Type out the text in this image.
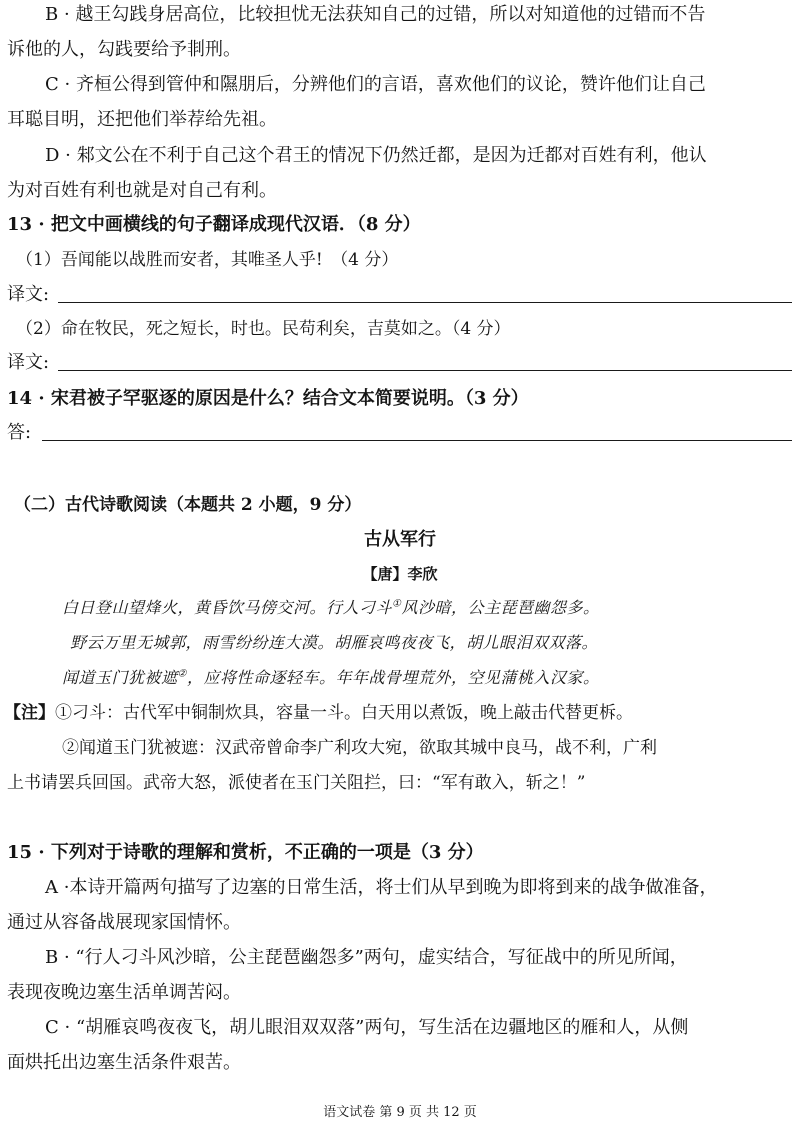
B · 越王勾践身居高位，比较担忧无法获知自己的过错，所以对知道他的过错而不告
诉他的人，勾践要给予剕刑。
C · 齐桓公得到管仲和隰朋后，分辨他们的言语，喜欢他们的议论，赞许他们让自己
耳聪目明，还把他们举荐给先祖。
D · 邾文公在不利于自己这个君王的情况下仍然迁都，是因为迁都对百姓有利，他认
为对百姓有利也就是对自己有利。
13 · 把文中画横线的句子翻译成现代汉语．（8 分）
（1）吾闻能以战胜而安者，其唯圣人乎!　（4 分）
译文:
（2）命在牧民，死之短长，时也。民苟利矣，吉莫如之。（4 分）
译文:
14 · 宋君被子罕驱逐的原因是什么？结合文本简要说明。（3 分）
答:
（二）古代诗歌阅读（本题共 2 小题，9 分）
古从军行
【唐】李欣
白日登山望烽火，黄昏饮马傍交河。行人刁斗①风沙暗，公主琵琶幽怨多。
野云万里无城郭，雨雪纷纷连大漠。胡雁哀鸣夜夜飞，胡儿眼泪双双落。
闻道玉门犹被遮②，应将性命逐轻车。年年战骨埋荒外，空见蒲桃入汉家。
【注】①刁斗：古代军中铜制炊具，容量一斗。白天用以煮饭，晚上敲击代替更柝。
②闻道玉门犹被遮：汉武帝曾命李广利攻大宛，欲取其城中良马，战不利，广利
上书请罢兵回国。武帝大怒，派使者在玉门关阻拦，曰：“军有敢入，斩之！”
15 · 下列对于诗歌的理解和赏析，不正确的一项是（3 分）
A ·本诗开篇两句描写了边塞的日常生活，将士们从早到晚为即将到来的战争做准备，
通过从容备战展现家国情怀。
B · “行人刁斗风沙暗，公主琵琶幽怨多”两句，虚实结合，写征战中的所见所闻，
表现夜晚边塞生活单调苦闷。
C · “胡雁哀鸣夜夜飞，胡儿眼泪双双落”两句，写生活在边疆地区的雁和人，从侧
面烘托出边塞生活条件艰苦。
语文试卷 第 9 页 共 12 页
